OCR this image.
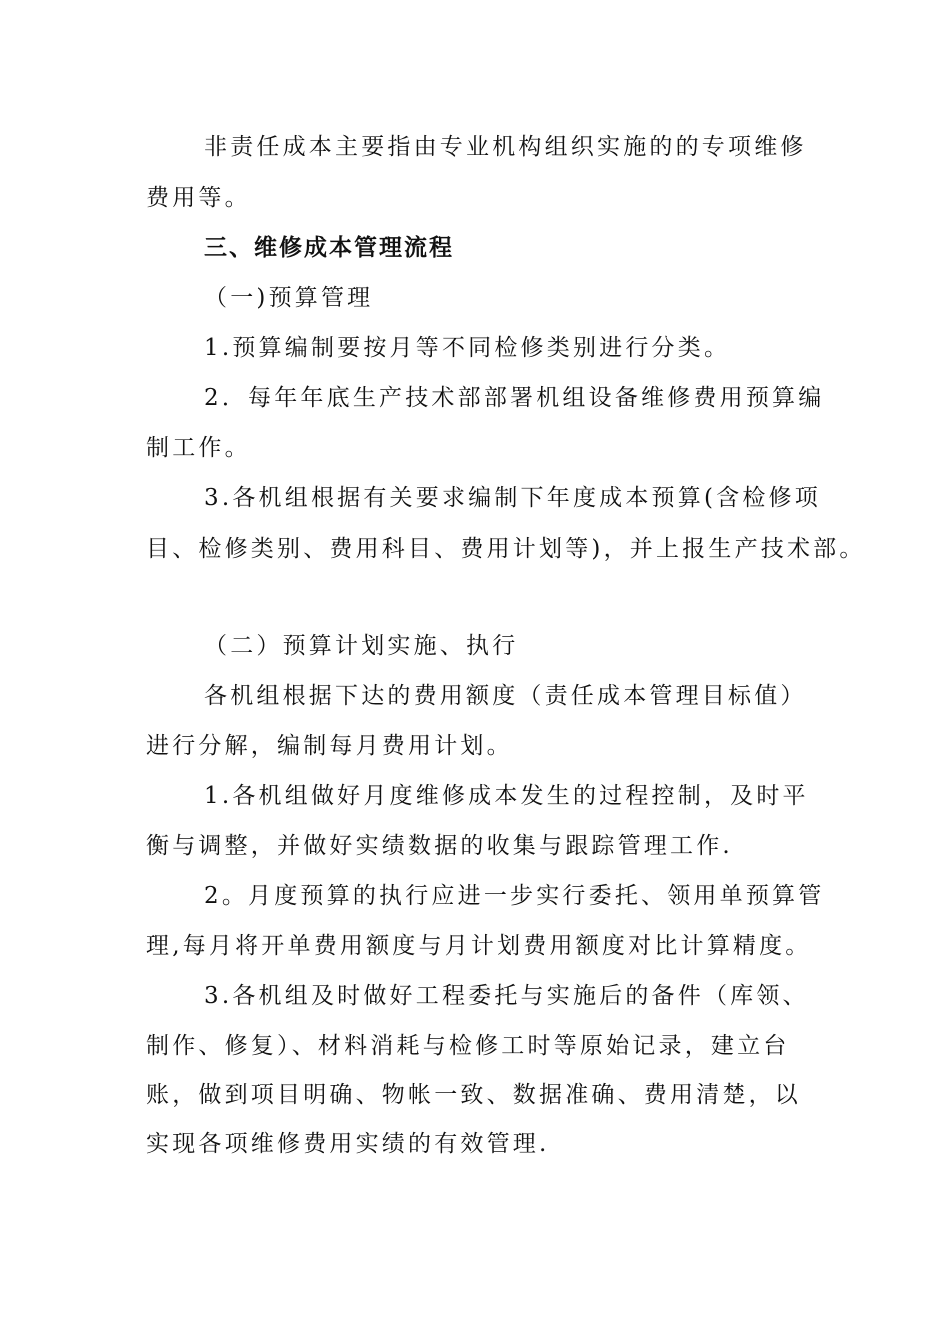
非责任成本主要指由专业机构组织实施的的专项维修
费用等。
三、维修成本管理流程
（一)预算管理
1.预算编制要按月等不同检修类别进行分类。
2．每年年底生产技术部部署机组设备维修费用预算编
制工作。
3.各机组根据有关要求编制下年度成本预算(含检修项
目、检修类别、费用科目、费用计划等)，并上报生产技术部。
（二）预算计划实施、执行
各机组根据下达的费用额度（责任成本管理目标值）
进行分解，编制每月费用计划。
1.各机组做好月度维修成本发生的过程控制，及时平
衡与调整，并做好实绩数据的收集与跟踪管理工作.
2。月度预算的执行应进一步实行委托、领用单预算管
理,每月将开单费用额度与月计划费用额度对比计算精度。
3.各机组及时做好工程委托与实施后的备件（库领、
制作、修复）、材料消耗与检修工时等原始记录，建立台
账，做到项目明确、物帐一致、数据准确、费用清楚，以
实现各项维修费用实绩的有效管理.
